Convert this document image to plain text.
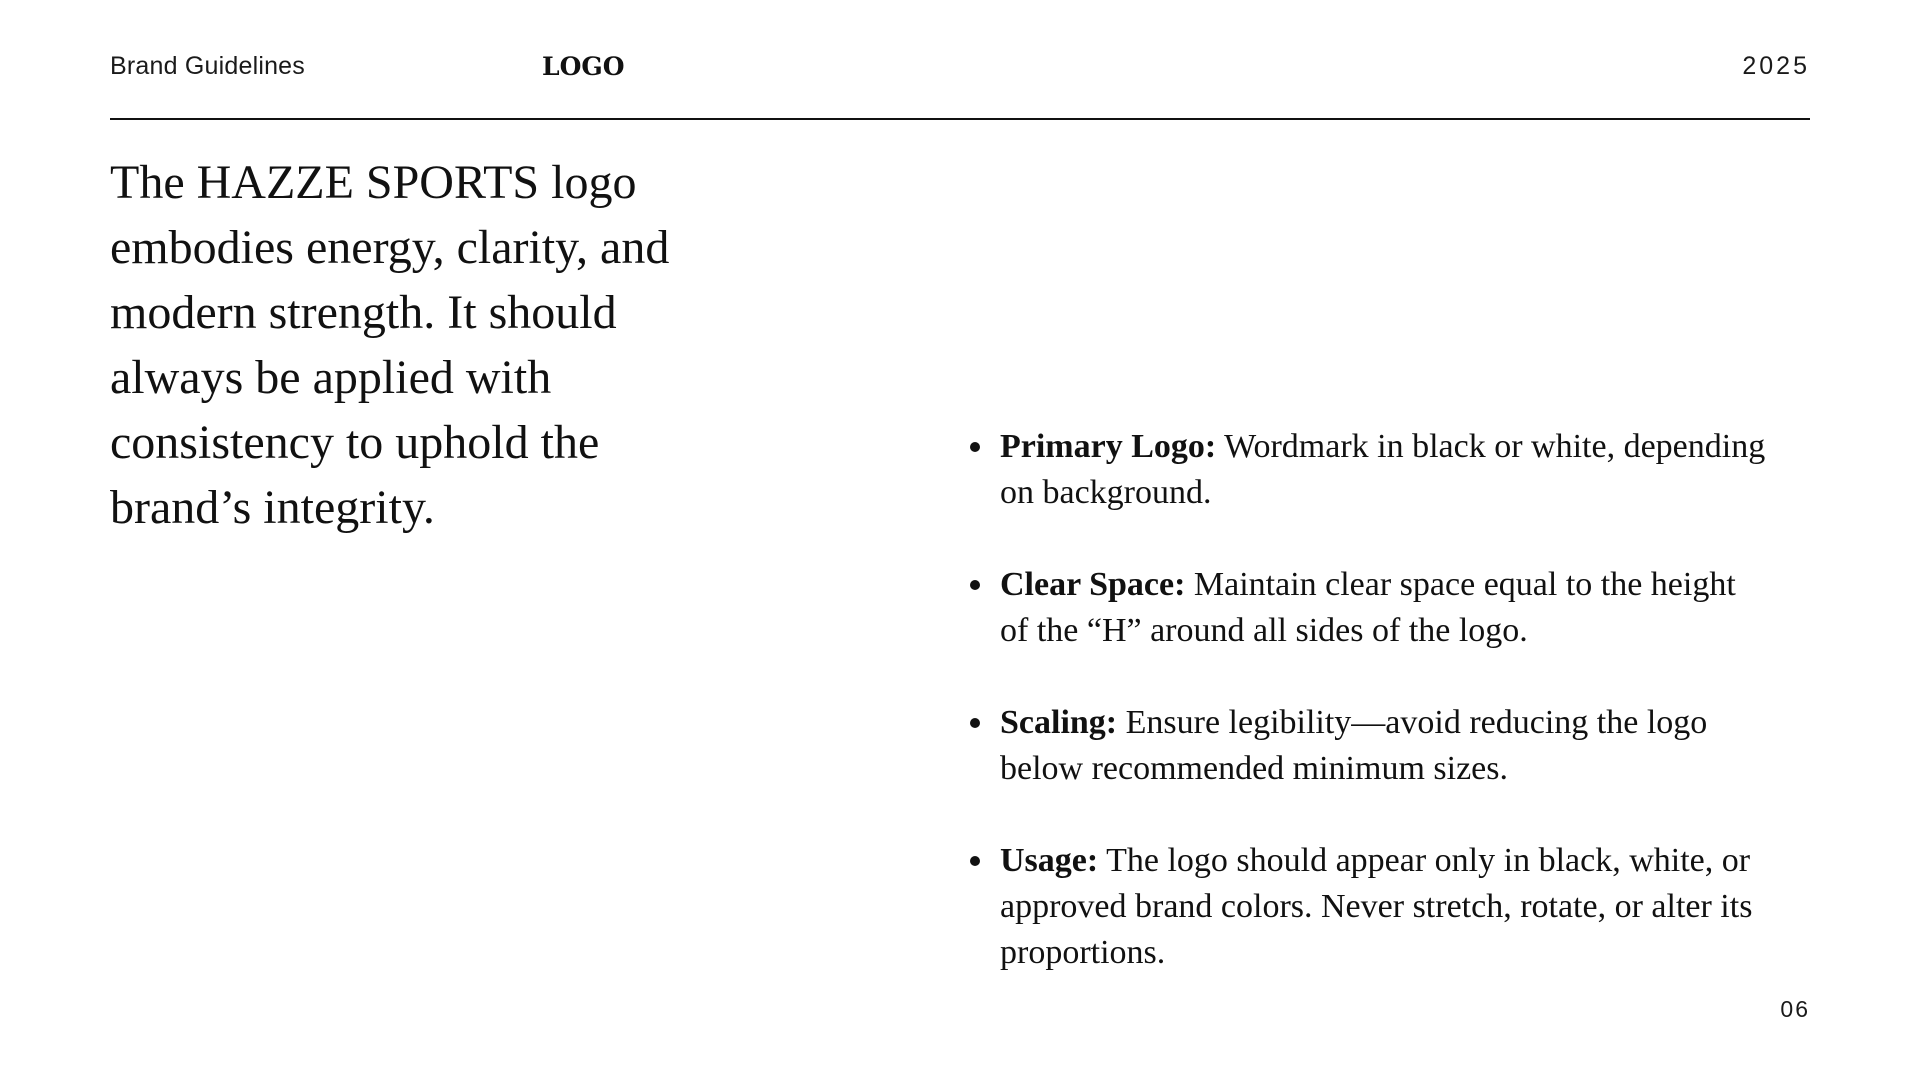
Brand Guidelines	LOGO	2025

The HAZZE SPORTS logo embodies energy, clarity, and modern strength. It should always be applied with consistency to uphold the brand’s integrity.

Primary Logo: Wordmark in black or white, depending on background.
Clear Space: Maintain clear space equal to the height of the “H” around all sides of the logo.
Scaling: Ensure legibility—avoid reducing the logo below recommended minimum sizes.
Usage: The logo should appear only in black, white, or approved brand colors. Never stretch, rotate, or alter its proportions.
06
